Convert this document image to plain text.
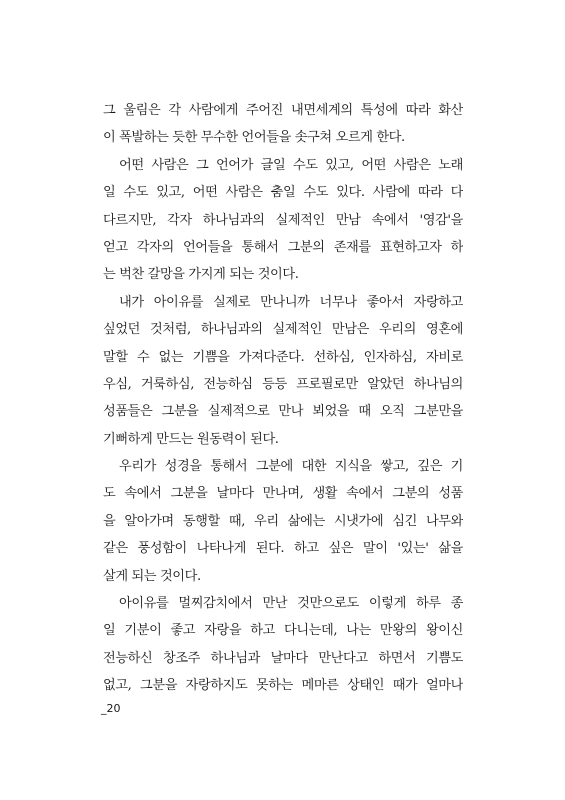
그 울림은 각 사람에게 주어진 내면세계의 특성에 따라 화산
이 폭발하는 듯한 무수한 언어들을 솟구쳐 오르게 한다.
어떤 사람은 그 언어가 글일 수도 있고, 어떤 사람은 노래
일 수도 있고, 어떤 사람은 춤일 수도 있다. 사람에 따라 다
다르지만, 각자 하나님과의 실제적인 만남 속에서 '영감'을
얻고 각자의 언어들을 통해서 그분의 존재를 표현하고자 하
는 벅찬 갈망을 가지게 되는 것이다.
내가 아이유를 실제로 만나니까 너무나 좋아서 자랑하고
싶었던 것처럼, 하나님과의 실제적인 만남은 우리의 영혼에
말할 수 없는 기쁨을 가져다준다. 선하심, 인자하심, 자비로
우심, 거룩하심, 전능하심 등등 프로필로만 알았던 하나님의
성품들은 그분을 실제적으로 만나 뵈었을 때 오직 그분만을
기뻐하게 만드는 원동력이 된다.
우리가 성경을 통해서 그분에 대한 지식을 쌓고, 깊은 기
도 속에서 그분을 날마다 만나며, 생활 속에서 그분의 성품
을 알아가며 동행할 때, 우리 삶에는 시냇가에 심긴 나무와
같은 풍성함이 나타나게 된다. 하고 싶은 말이 '있는' 삶을
살게 되는 것이다.
아이유를 멀찌감치에서 만난 것만으로도 이렇게 하루 종
일 기분이 좋고 자랑을 하고 다니는데, 나는 만왕의 왕이신
전능하신 창조주 하나님과 날마다 만난다고 하면서 기쁨도
없고, 그분을 자랑하지도 못하는 메마른 상태인 때가 얼마나
_20
